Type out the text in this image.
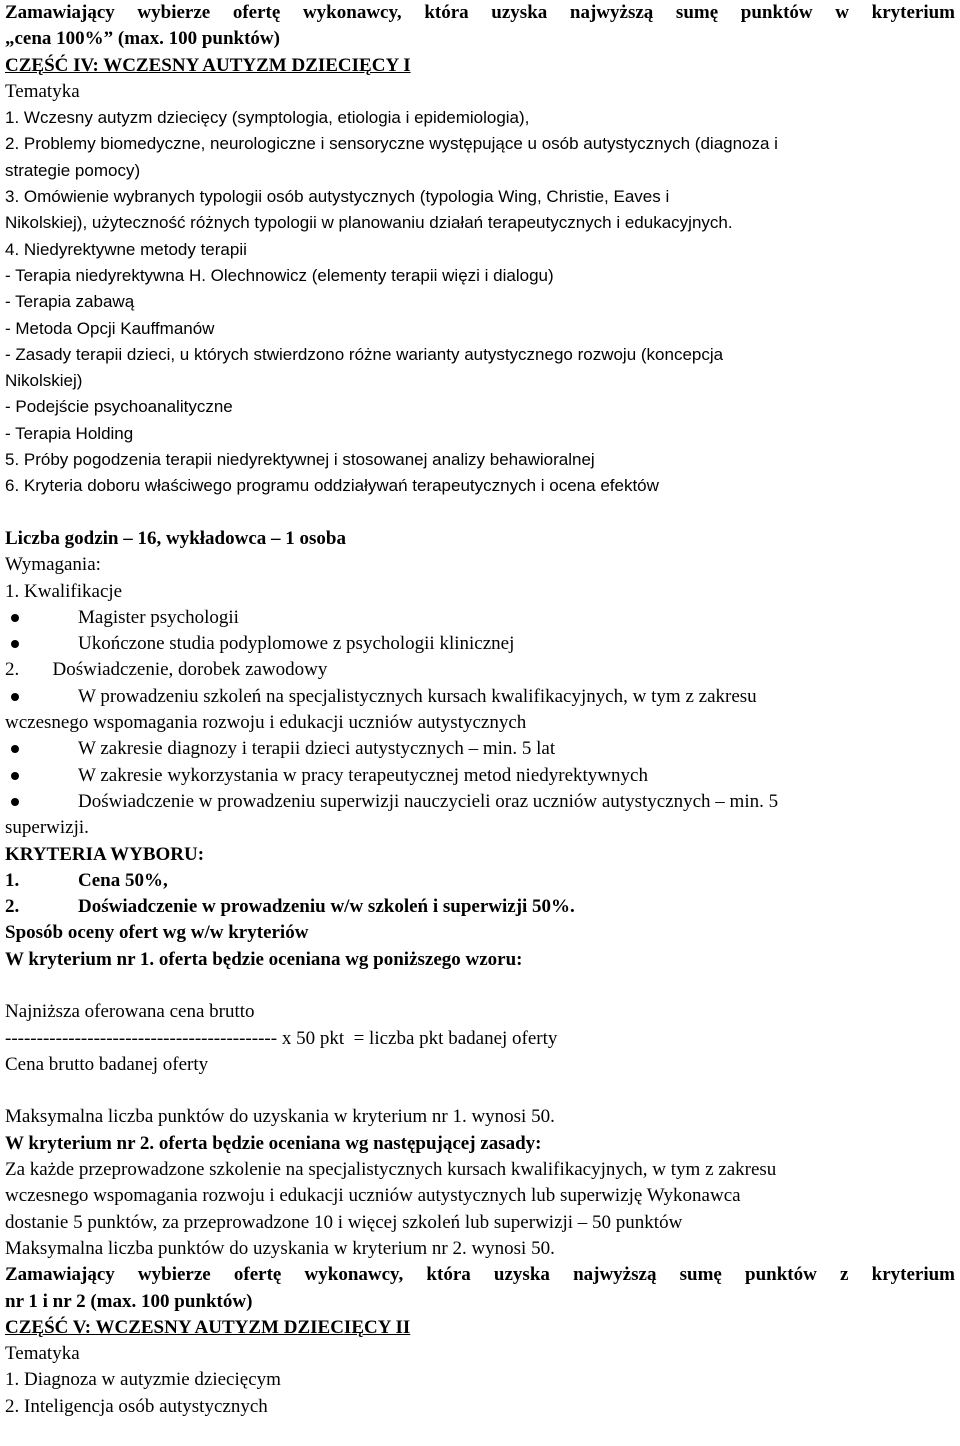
Zamawiający wybierze ofertę wykonawcy, która uzyska najwyższą sumę punktów w kryterium
„cena 100%” (max. 100 punktów)
CZĘŚĆ IV: WCZESNY AUTYZM DZIECIĘCY I
Tematyka
1. Wczesny autyzm dziecięcy (symptologia, etiologia i epidemiologia),
2. Problemy biomedyczne, neurologiczne i sensoryczne występujące u osób autystycznych (diagnoza i
strategie pomocy)
3. Omówienie wybranych typologii osób autystycznych (typologia Wing, Christie, Eaves i
Nikolskiej), użyteczność różnych typologii w planowaniu działań terapeutycznych i edukacyjnych.
4. Niedyrektywne metody terapii
- Terapia niedyrektywna H. Olechnowicz (elementy terapii więzi i dialogu)
- Terapia zabawą
- Metoda Opcji Kauffmanów
- Zasady terapii dzieci, u których stwierdzono różne warianty autystycznego rozwoju (koncepcja
Nikolskiej)
- Podejście psychoanalityczne
- Terapia Holding
5. Próby pogodzenia terapii niedyrektywnej i stosowanej analizy behawioralnej
6. Kryteria doboru właściwego programu oddziaływań terapeutycznych i ocena efektów
Liczba godzin – 16, wykładowca – 1 osoba
Wymagania:
1. Kwalifikacje
Magister psychologii
Ukończone studia podyplomowe z psychologii klinicznej
2.       Doświadczenie, dorobek zawodowy
W prowadzeniu szkoleń na specjalistycznych kursach kwalifikacyjnych, w tym z zakresu
wczesnego wspomagania rozwoju i edukacji uczniów autystycznych
W zakresie diagnozy i terapii dzieci autystycznych – min. 5 lat
W zakresie wykorzystania w pracy terapeutycznej metod niedyrektywnych
Doświadczenie w prowadzeniu superwizji nauczycieli oraz uczniów autystycznych – min. 5
superwizji.
KRYTERIA WYBORU:
1.	Cena 50%,
2.	Doświadczenie w prowadzeniu w/w szkoleń i superwizji 50%.
Sposób oceny ofert wg w/w kryteriów
W kryterium nr 1. oferta będzie oceniana wg poniższego wzoru:
Najniższa oferowana cena brutto
------------------------------------------- x 50 pkt  = liczba pkt badanej oferty
Cena brutto badanej oferty
Maksymalna liczba punktów do uzyskania w kryterium nr 1. wynosi 50.
W kryterium nr 2. oferta będzie oceniana wg następującej zasady:
Za każde przeprowadzone szkolenie na specjalistycznych kursach kwalifikacyjnych, w tym z zakresu
wczesnego wspomagania rozwoju i edukacji uczniów autystycznych lub superwizję Wykonawca
dostanie 5 punktów, za przeprowadzone 10 i więcej szkoleń lub superwizji – 50 punktów
Maksymalna liczba punktów do uzyskania w kryterium nr 2. wynosi 50.
Zamawiający wybierze ofertę wykonawcy, która uzyska najwyższą sumę punktów z kryterium
nr 1 i nr 2 (max. 100 punktów)
CZĘŚĆ V: WCZESNY AUTYZM DZIECIĘCY II
Tematyka
1. Diagnoza w autyzmie dziecięcym
2. Inteligencja osób autystycznych
